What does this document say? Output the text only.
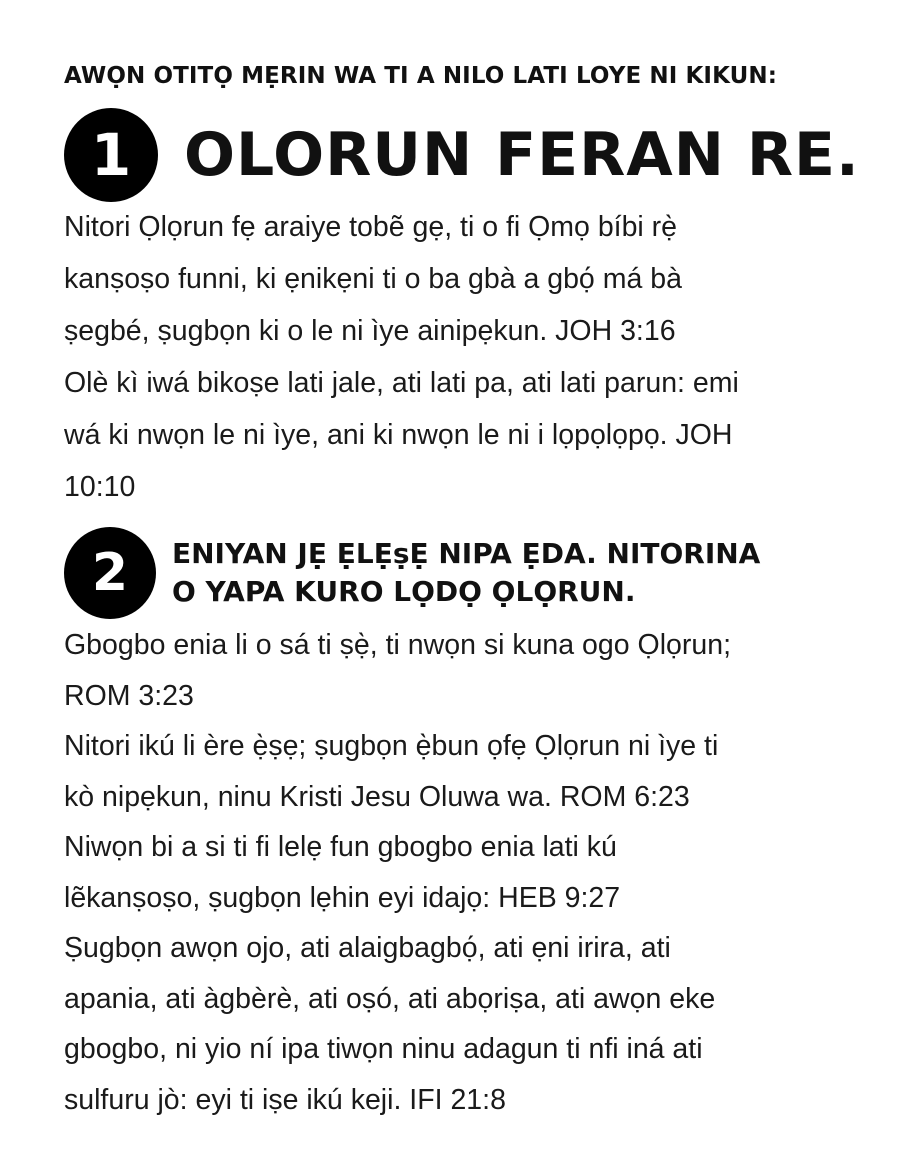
AWỌN OTITỌ MẸRIN WA TI A NILO LATI LOYE NI KIKUN:
1 OLORUN FERAN RE.
Nitori Ọlọrun fẹ araiye tobẽ gẹ, ti o fi Ọmọ bíbi rẹ̀
kanṣoṣo funni, ki ẹnikẹni ti o ba gbà a gbọ́ má bà
ṣegbé, ṣugbọn ki o le ni ìye ainipẹkun. JOH 3:16
Olè kì iwá bikoṣe lati jale, ati lati pa, ati lati parun: emi
wá ki nwọn le ni ìye, ani ki nwọn le ni i lọpọlọpọ. JOH
10:10
2	ENIYAN JẸ ẸLẸṣẸ NIPA ẸDA. NITORINA
O YAPA KURO LỌDỌ ỌLỌRUN.
Gbogbo enia li o sá ti ṣẹ̀, ti nwọn si kuna ogo Ọlọrun;
ROM 3:23
Nitori ikú li ère ẹ̀ṣẹ; ṣugbọn ẹ̀bun ọfẹ Ọlọrun ni ìye ti
kò nipẹkun, ninu Kristi Jesu Oluwa wa. ROM 6:23
Niwọn bi a si ti fi lelẹ fun gbogbo enia lati kú
lẽkanṣoṣo, ṣugbọn lẹhin eyi idajọ: HEB 9:27
Ṣugbọn awọn ojo, ati alaigbagbọ́, ati ẹni irira, ati
apania, ati àgbèrè, ati oṣó, ati abọriṣa, ati awọn eke
gbogbo, ni yio ní ipa tiwọn ninu adagun ti nfi iná ati
sulfuru jò: eyi ti iṣe ikú keji. IFI 21:8
